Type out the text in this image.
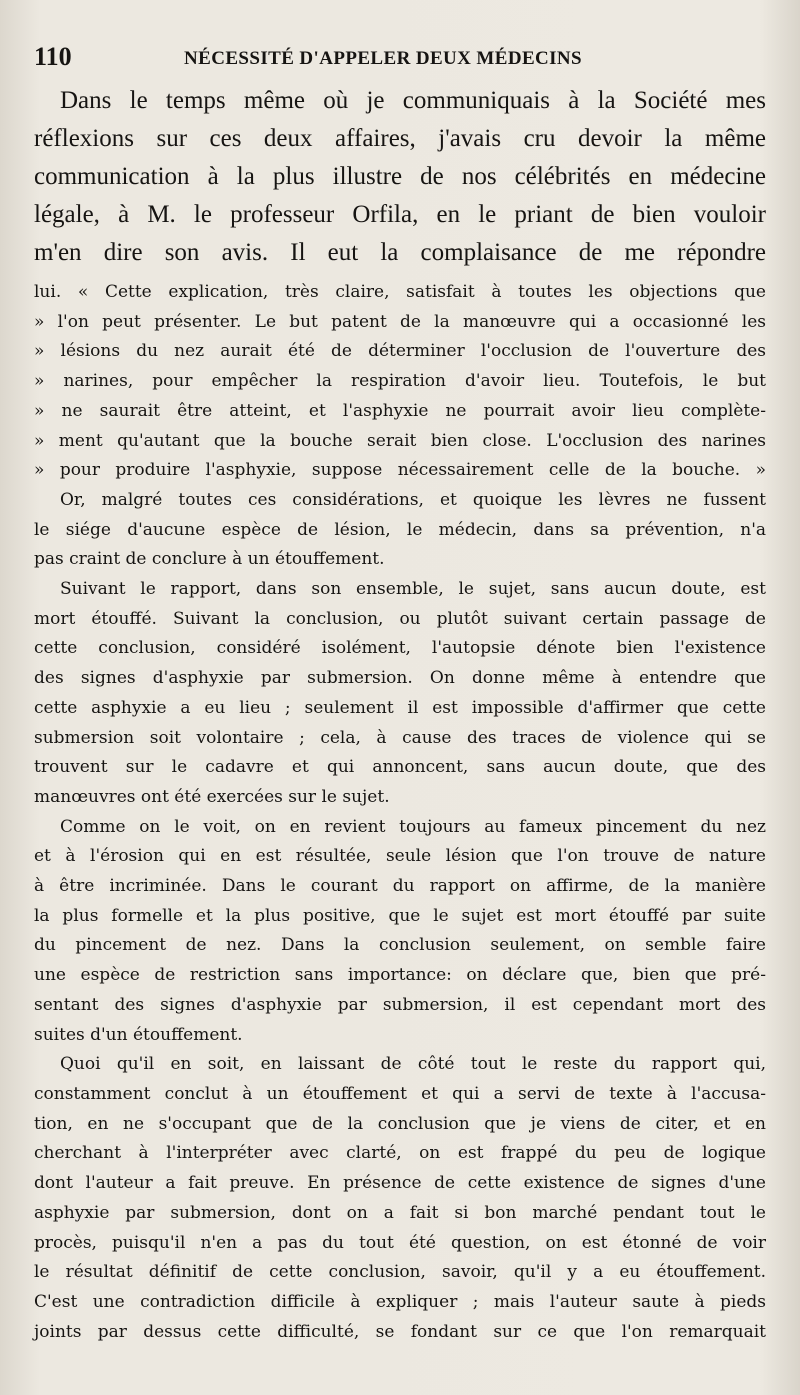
110	NÉCESSITÉ D'APPELER DEUX MÉDECINS
Dans le temps même où je communiquais à la Société mes
réflexions sur ces deux affaires, j'avais cru devoir la même
communication à la plus illustre de nos célébrités en médecine
légale, à M. le professeur Orfila, en le priant de bien vouloir
m'en dire son avis. Il eut la complaisance de me répondre
lui. « Cette explication, très claire, satisfait à toutes les objections que
» l'on peut présenter. Le but patent de la manœuvre qui a occasionné les
» lésions du nez aurait été de déterminer l'occlusion de l'ouverture des
» narines, pour empêcher la respiration d'avoir lieu. Toutefois, le but
» ne saurait être atteint, et l'asphyxie ne pourrait avoir lieu complète-
» ment qu'autant que la bouche serait bien close. L'occlusion des narines
» pour produire l'asphyxie, suppose nécessairement celle de la bouche. »
Or, malgré toutes ces considérations, et quoique les lèvres ne fussent
le siége d'aucune espèce de lésion, le médecin, dans sa prévention, n'a
pas craint de conclure à un étouffement.
Suivant le rapport, dans son ensemble, le sujet, sans aucun doute, est
mort étouffé. Suivant la conclusion, ou plutôt suivant certain passage de
cette conclusion, considéré isolément, l'autopsie dénote bien l'existence
des signes d'asphyxie par submersion. On donne même à entendre que
cette asphyxie a eu lieu ; seulement il est impossible d'affirmer que cette
submersion soit volontaire ; cela, à cause des traces de violence qui se
trouvent sur le cadavre et qui annoncent, sans aucun doute, que des
manœuvres ont été exercées sur le sujet.
Comme on le voit, on en revient toujours au fameux pincement du nez
et à l'érosion qui en est résultée, seule lésion que l'on trouve de nature
à être incriminée. Dans le courant du rapport on affirme, de la manière
la plus formelle et la plus positive, que le sujet est mort étouffé par suite
du pincement de nez. Dans la conclusion seulement, on semble faire
une espèce de restriction sans importance: on déclare que, bien que pré-
sentant des signes d'asphyxie par submersion, il est cependant mort des
suites d'un étouffement.
Quoi qu'il en soit, en laissant de côté tout le reste du rapport qui,
constamment conclut à un étouffement et qui a servi de texte à l'accusa-
tion, en ne s'occupant que de la conclusion que je viens de citer, et en
cherchant à l'interpréter avec clarté, on est frappé du peu de logique
dont l'auteur a fait preuve. En présence de cette existence de signes d'une
asphyxie par submersion, dont on a fait si bon marché pendant tout le
procès, puisqu'il n'en a pas du tout été question, on est étonné de voir
le résultat définitif de cette conclusion, savoir, qu'il y a eu étouffement.
C'est une contradiction difficile à expliquer ; mais l'auteur saute à pieds
joints par dessus cette difficulté, se fondant sur ce que l'on remarquait
